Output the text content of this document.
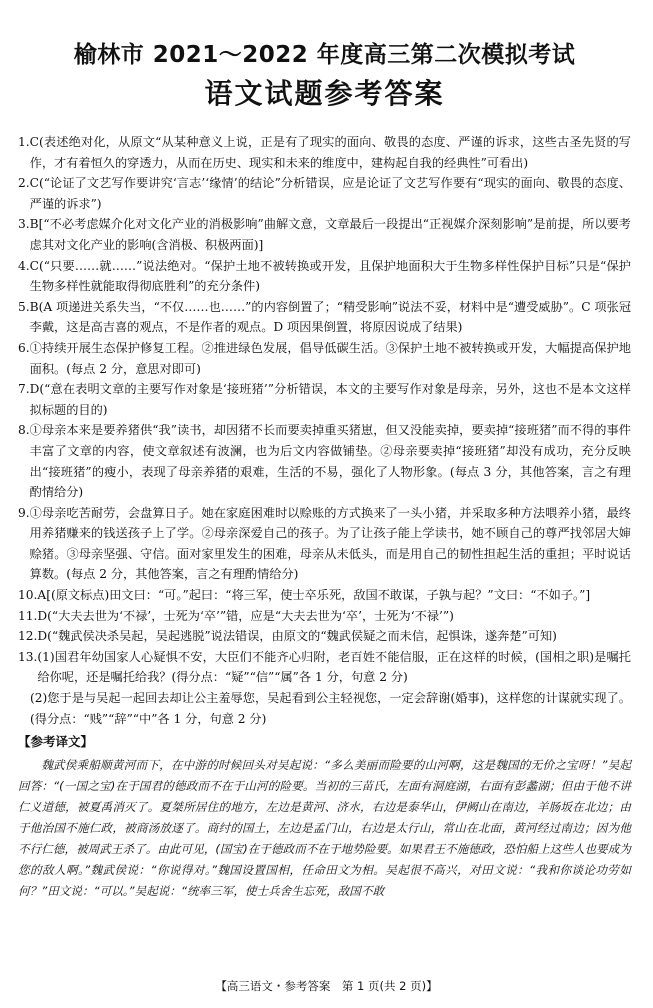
榆林市 2021～2022 年度高三第二次模拟考试
语文试题参考答案
1. C(表述绝对化，从原文“从某种意义上说，正是有了现实的面向、敬畏的态度、严谨的诉求，这些古圣先贤的写作，才有着恒久的穿透力，从而在历史、现实和未来的维度中，建构起自我的经典性”可看出)
2. C(“论证了文艺写作要讲究‘言志’‘缘情’的结论”分析错误，应是论证了文艺写作要有“现实的面向、敬畏的态度、严谨的诉求”)
3. B[“不必考虑媒介化对文化产业的消极影响”曲解文意，文章最后一段提出“正视媒介深刻影响”是前提，所以要考虑其对文化产业的影响(含消极、积极两面)]
4. C(“只要……就……”说法绝对。“保护土地不被转换或开发，且保护地面积大于生物多样性保护目标”只是“保护生物多样性就能取得彻底胜利”的充分条件)
5. B(A 项递进关系失当，“不仅……也……”的内容倒置了；“精受影响”说法不妥，材料中是“遭受威胁”。C 项张冠李戴，这是高吉喜的观点，不是作者的观点。D 项因果倒置，将原因说成了结果)
6. ①持续开展生态保护修复工程。②推进绿色发展，倡导低碳生活。③保护土地不被转换或开发，大幅提高保护地面积。(每点 2 分，意思对即可)
7. D(“意在表明文章的主要写作对象是‘接班猪’”分析错误，本文的主要写作对象是母亲，另外，这也不是本文这样拟标题的目的)
8. ①母亲本来是要养猪供“我”读书，却因猪不长而要卖掉重买猪崽，但又没能卖掉，要卖掉“接班猪”而不得的事件丰富了文章的内容，使文章叙述有波澜，也为后文内容做铺垫。②母亲要卖掉“接班猪”却没有成功，充分反映出“接班猪”的瘦小，表现了母亲养猪的艰难，生活的不易，强化了人物形象。(每点 3 分，其他答案，言之有理酌情给分)
9. ①母亲吃苦耐劳，会盘算日子。她在家庭困难时以赊账的方式换来了一头小猪，并采取多种方法喂养小猪，最终用养猪赚来的钱送孩子上了学。②母亲深爱自己的孩子。为了让孩子能上学读书，她不顾自己的尊严找邻居大婶赊猪。③母亲坚强、守信。面对家里发生的困难，母亲从未低头，而是用自己的韧性担起生活的重担；平时说话算数。(每点 2 分，其他答案，言之有理酌情给分)
10. A[(原文标点)田文曰：“可。”起曰：“将三军，使士卒乐死，敌国不敢谋，子孰与起？”文曰：“不如子。”]
11. D(“大夫去世为‘不禄’，士死为‘卒’”错，应是“大夫去世为‘卒’，士死为‘不禄’”)
12. D(“魏武侯决杀吴起，吴起逃脱”说法错误，由原文的“魏武侯疑之而未信，起惧诛，遂奔楚”可知)
13. (1)国君年幼国家人心疑惧不安，大臣们不能齐心归附，老百姓不能信服，正在这样的时候，(国相之职)是嘱托给你呢，还是嘱托给我？(得分点：“疑”“信”“属”各 1 分，句意 2 分)
(2)您于是与吴起一起回去却让公主羞辱您，吴起看到公主轻视您，一定会辞谢(婚事)，这样您的计谋就实现了。(得分点：“贱”“辞”“中”各 1 分，句意 2 分)
【参考译文】

魏武侯乘船顺黄河而下，在中游的时候回头对吴起说：“多么美丽而险要的山河啊，这是魏国的无价之宝呀！”吴起回答：“(一国之宝)在于国君的德政而不在于山河的险要。当初的三苗氏，左面有洞庭湖，右面有彭蠡湖；但由于他不讲仁义道德，被夏禹消灭了。夏桀所居住的地方，左边是黄河、济水，右边是泰华山，伊阙山在南边，羊肠坂在北边；由于他治国不施仁政，被商汤放逐了。商纣的国土，左边是孟门山，右边是太行山，常山在北面，黄河经过南边；因为他不行仁德，被周武王杀了。由此可见，(国宝)在于德政而不在于地势险要。如果君王不施德政，恐怕船上这些人也要成为您的敌人啊。”魏武侯说：“你说得对。”魏国设置国相，任命田文为相。吴起很不高兴，对田文说：“我和你谈论功劳如何？”田文说：“可以。”吴起说：“统率三军，使士兵舍生忘死，敌国不敢

【高三语文・参考答案　第 1 页(共 2 页)】
